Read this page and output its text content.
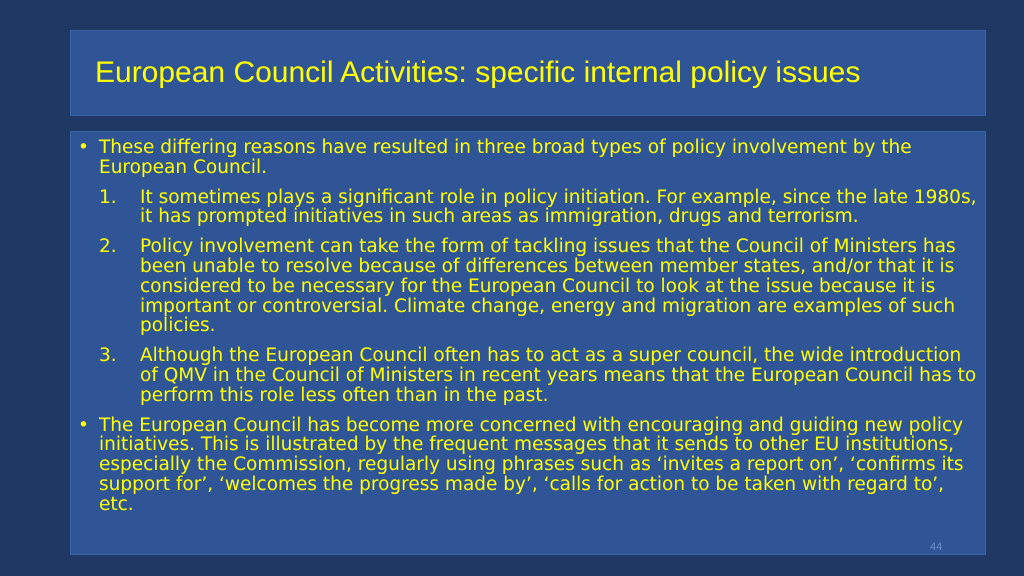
European Council Activities: specific internal policy issues
• These differing reasons have resulted in three broad types of policy involvement by the European Council.
1. It sometimes plays a significant role in policy initiation. For example, since the late 1980s, it has prompted initiatives in such areas as immigration, drugs and terrorism.
2. Policy involvement can take the form of tackling issues that the Council of Ministers has been unable to resolve because of differences between member states, and/or that it is considered to be necessary for the European Council to look at the issue because it is important or controversial. Climate change, energy and migration are examples of such policies.
3. Although the European Council often has to act as a super council, the wide introduction of QMV in the Council of Ministers in recent years means that the European Council has to perform this role less often than in the past.
• The European Council has become more concerned with encouraging and guiding new policy initiatives. This is illustrated by the frequent messages that it sends to other EU institutions, especially the Commission, regularly using phrases such as ‘invites a report on’, ‘confirms its support for’, ‘welcomes the progress made by’, ‘calls for action to be taken with regard to’, etc.
44
